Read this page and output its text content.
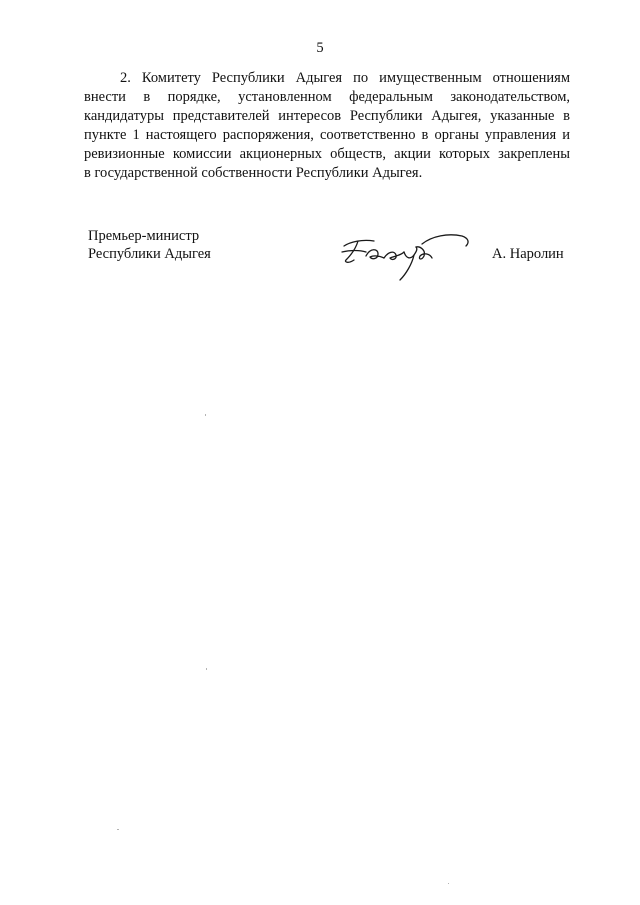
5
2. Комитету Республики Адыгея по имущественным отношениям
внести в порядке, установленном федеральным законодательством,
кандидатуры представителей интересов Республики Адыгея, указанные в
пункте 1 настоящего распоряжения, соответственно в органы управления и
ревизионные комиссии акционерных обществ, акции которых закреплены
в государственной собственности Республики Адыгея.
Премьер-министр
Республики Адыгея	А. Наролин
